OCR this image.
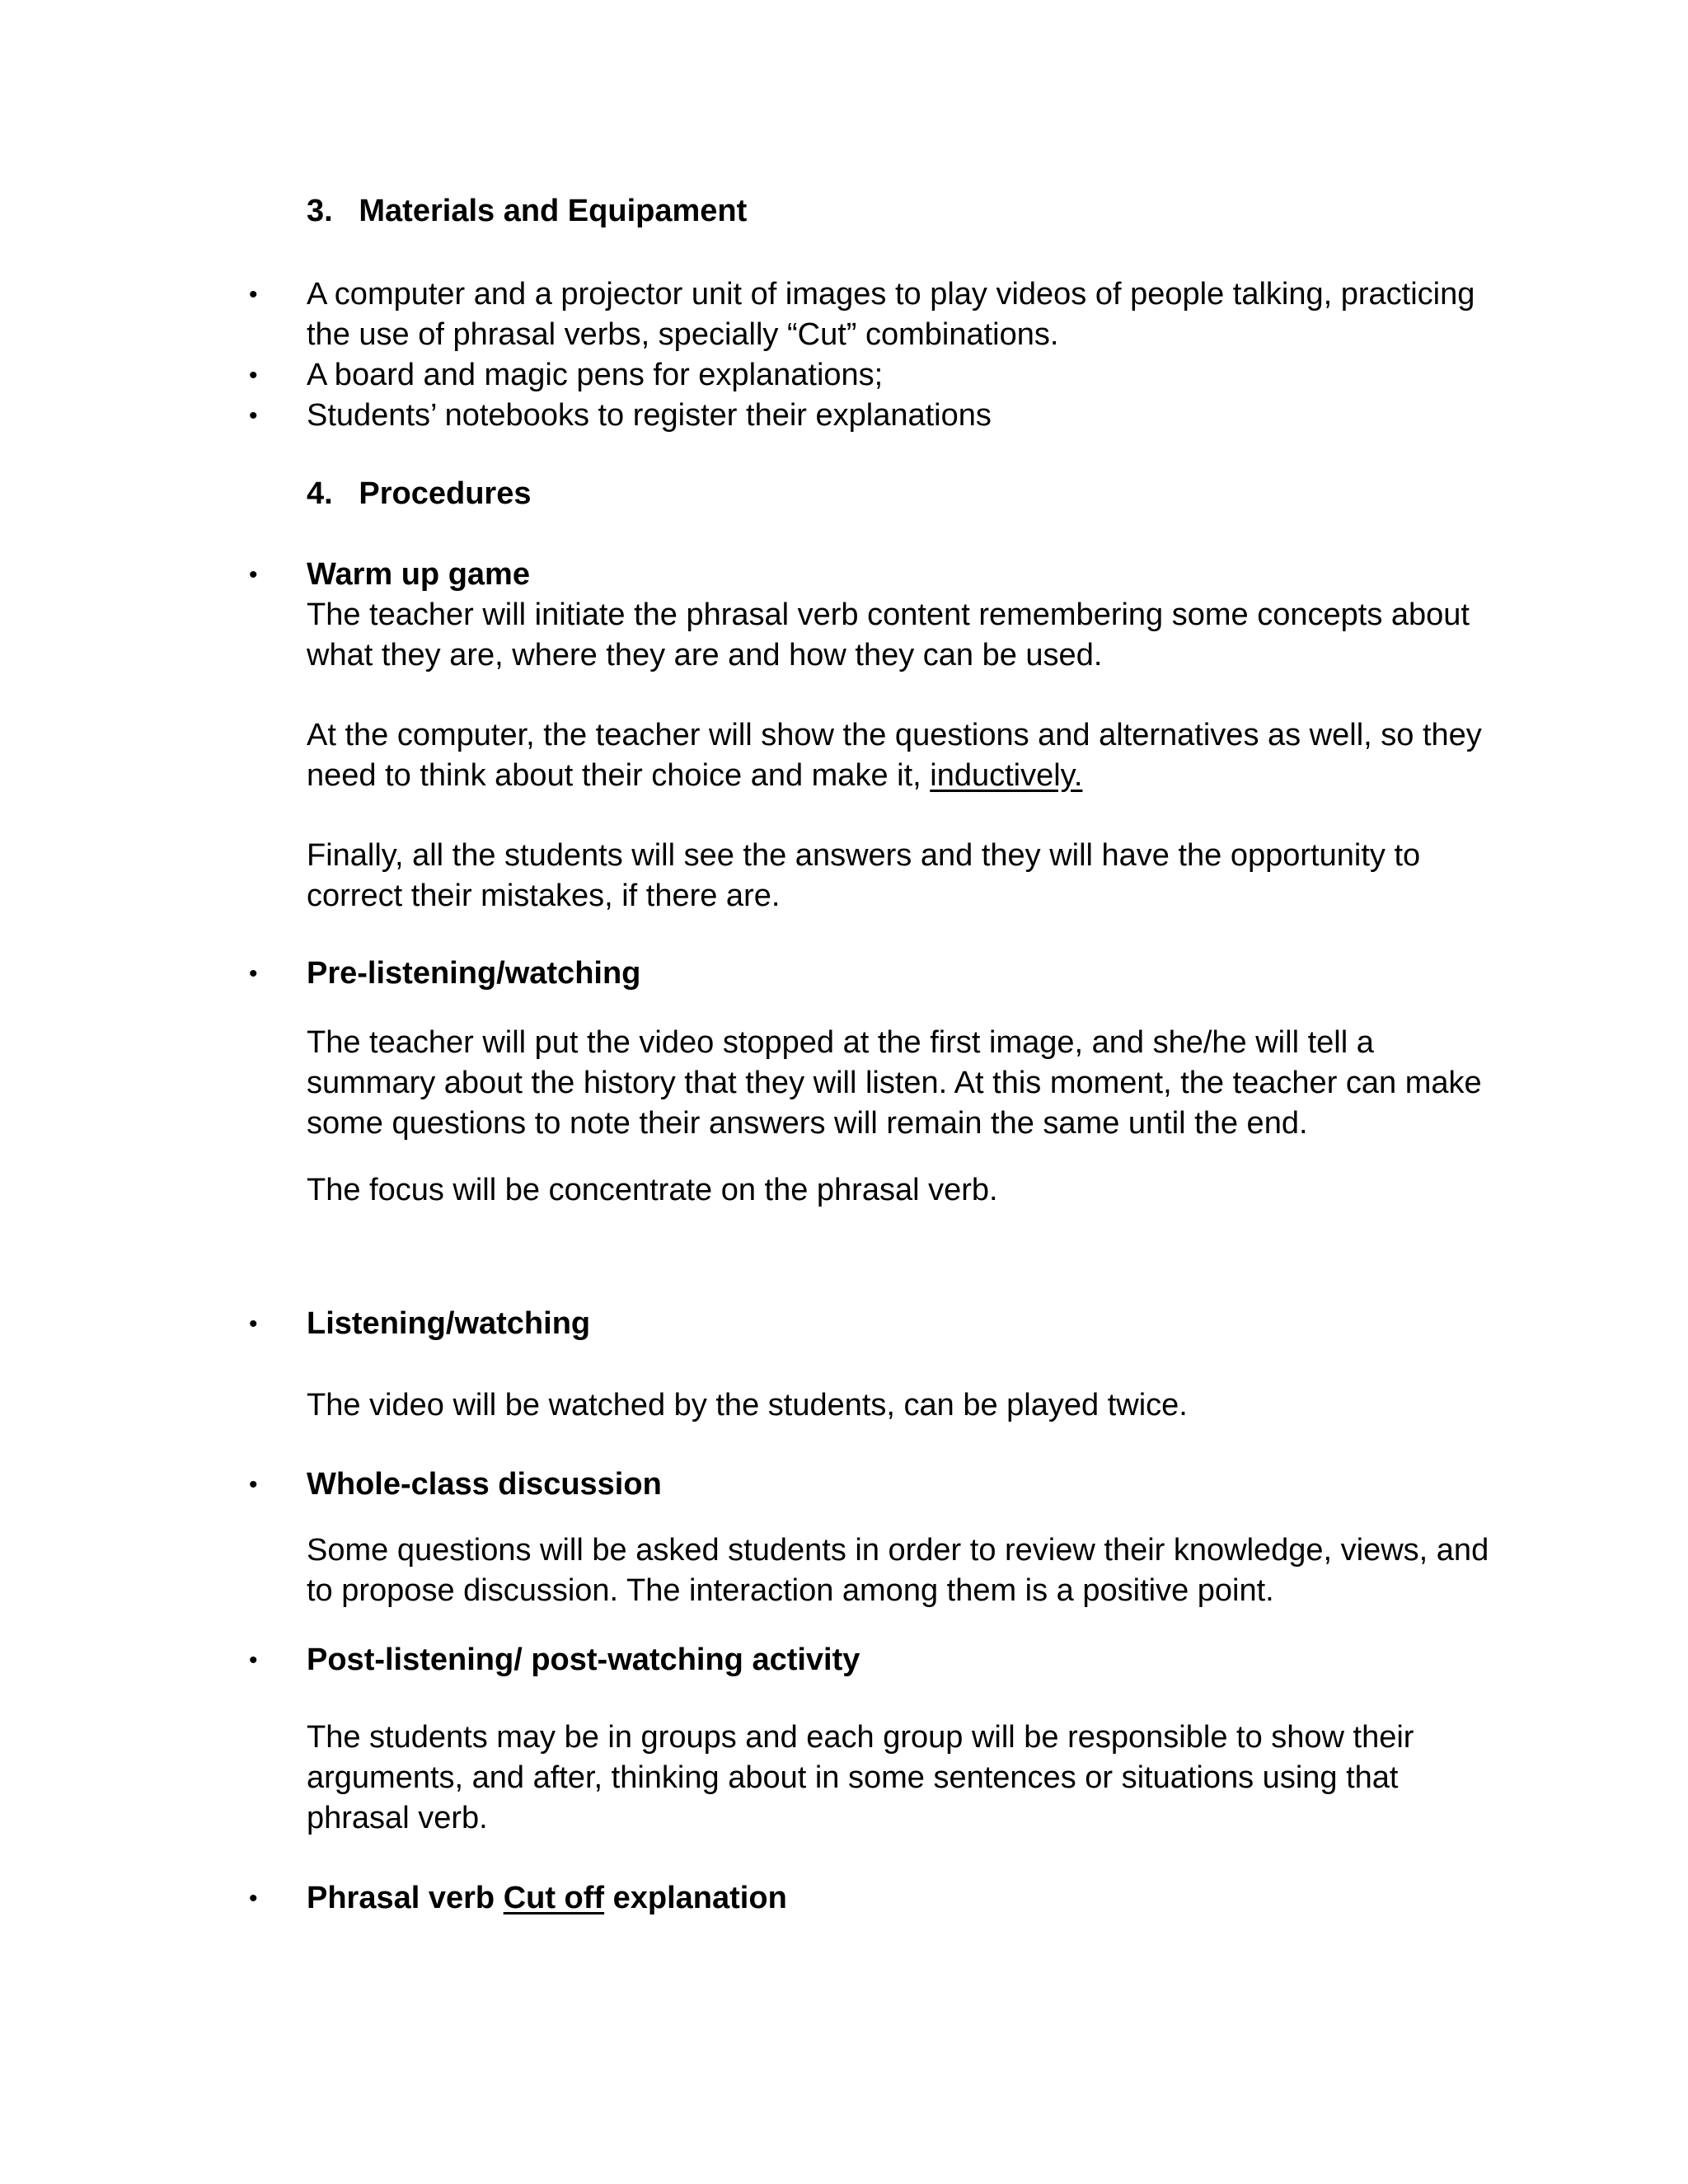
3. Materials and Equipament
• A computer and a projector unit of images to play videos of people talking, practicing the use of phrasal verbs, specially “Cut” combinations.
• A board and magic pens for explanations;
• Students’ notebooks to register their explanations
4. Procedures
• Warm up game

The teacher will initiate the phrasal verb content remembering some concepts about what they are, where they are and how they can be used.

At the computer, the teacher will show the questions and alternatives as well, so they need to think about their choice and make it, inductively.
Finally, all the students will see the answers and they will have the opportunity to correct their mistakes, if there are.
• Pre-listening/watching
The teacher will put the video stopped at the first image, and she/he will tell a summary about the history that they will listen. At this moment, the teacher can make some questions to note their answers will remain the same until the end.
The focus will be concentrate on the phrasal verb.
• Listening/watching
The video will be watched by the students, can be played twice.
• Whole-class discussion
Some questions will be asked students in order to review their knowledge, views, and to propose discussion. The interaction among them is a positive point.
• Post-listening/ post-watching activity
The students may be in groups and each group will be responsible to show their arguments, and after, thinking about in some sentences or situations using that phrasal verb.
• Phrasal verb Cut off explanation
